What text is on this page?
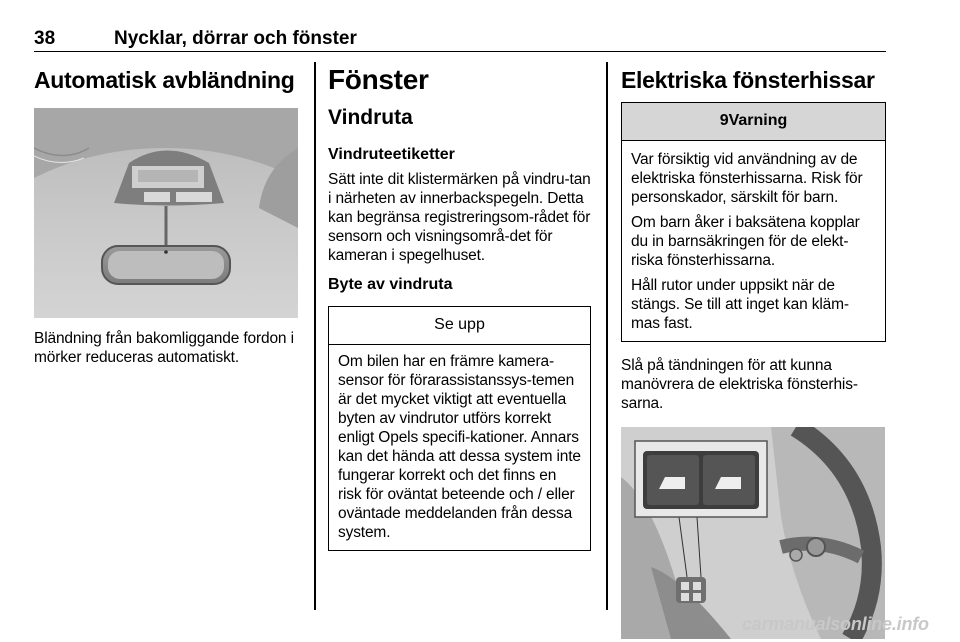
38	Nycklar, dörrar och fönster
Automatisk avbländning
Bländning från bakomliggande fordon i mörker reduceras automatiskt.
Fönster
Vindruta
Vindruteetiketter
Sätt inte dit klistermärken på vindru-tan i närheten av innerbackspegeln. Detta kan begränsa registreringsom-rådet för sensorn och visningsområ-det för kameran i spegelhuset.
Byte av vindruta
Se upp
Om bilen har en främre kamera-sensor för förarassistanssys-temen är det mycket viktigt att eventuella byten av vindrutor utförs korrekt enligt Opels specifi-kationer. Annars kan det hända att dessa system inte fungerar korrekt och det finns en risk för oväntat beteende och / eller oväntade meddelanden från dessa system.
Elektriska fönsterhissar
9Varning

Var försiktig vid användning av de elektriska fönsterhissarna. Risk för personskador, särskilt för barn.

Om barn åker i baksätena kopplar du in barnsäkringen för de elekt-riska fönsterhissarna.

Håll rutor under uppsikt när de stängs. Se till att inget kan kläm-mas fast.

Slå på tändningen för att kunna manövrera de elektriska fönsterhis-sarna.
carmanualsonline.info
